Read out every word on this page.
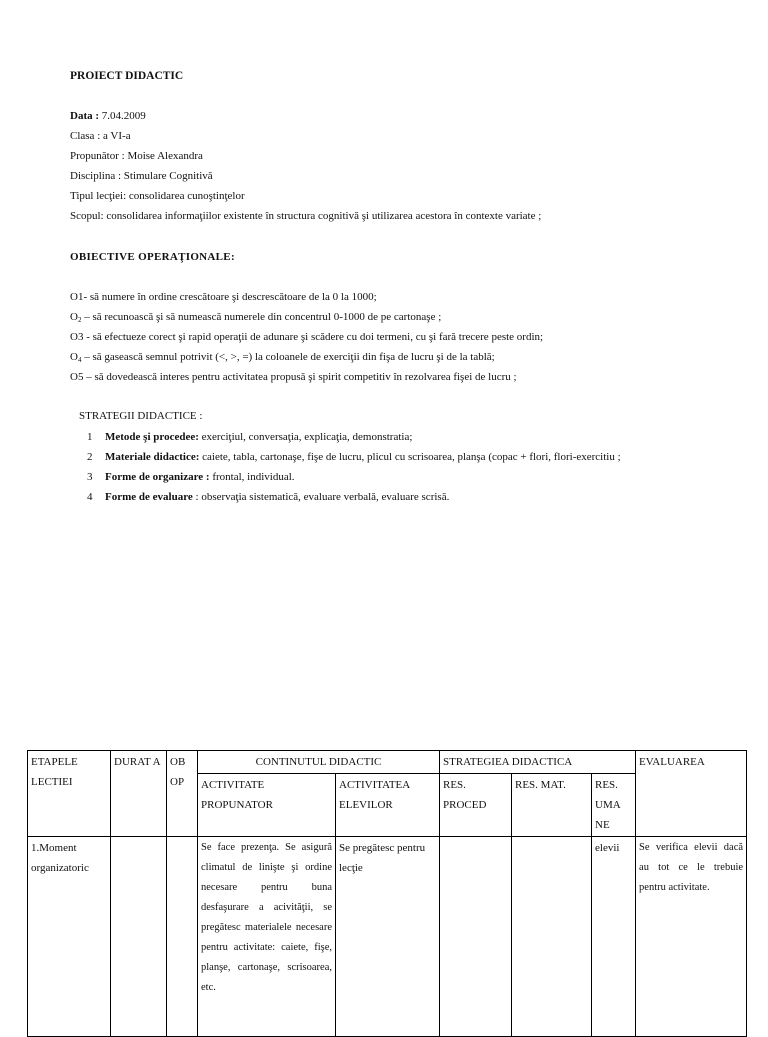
PROIECT DIDACTIC
Data : 7.04.2009
Clasa : a VI-a
Propunător : Moise Alexandra
Disciplina : Stimulare Cognitivă
Tipul lecţiei: consolidarea cunoştinţelor
Scopul: consolidarea informaţiilor existente în structura cognitivă şi utilizarea acestora în contexte variate ;
OBIECTIVE OPERAŢIONALE:
O1- să numere în ordine crescătoare şi descrescătoare de la 0 la 1000;
$O_2$ – să recunoască şi să numească numerele din concentrul 0-1000 de pe cartonaşe ;
O3 - să efectueze corect şi rapid operaţii de adunare şi scădere cu doi termeni, cu şi fară trecere peste ordin;
$O_4$ – să gasească semnul potrivit (<, >, =) la coloanele de exerciţii din fişa de lucru şi de la tablă;
O5 – să dovedească interes pentru activitatea propusă şi spirit competitiv în rezolvarea fişei de lucru ;
STRATEGII DIDACTICE :
1 Metode şi procedee: exerciţiul, conversaţia, explicaţia, demonstratia;
2 Materiale didactice: caiete, tabla, cartonaşe, fişe de lucru, plicul cu scrisoarea, planşa (copac + flori, flori-exercitiu ;
3 Forme de organizare : frontal, individual.
4 Forme de evaluare : observaţia sistematică, evaluare verbală, evaluare scrisă.
ETAPELE LECTIEI	DURAT A	OB OP	CONTINUTUL DIDACTIC		STRATEGIEA DIDACTICA			EVALUAREA
			ACTIVITATE PROPUNATOR	ACTIVITATEA ELEVILOR	RES. PROCED	RES. MAT.	RES. UMA NE	
1.Moment organizatoric			Se face prezenţa. Se asigură climatul de linişte şi ordine necesare pentru buna desfaşurare a acivităţii, se pregătesc materialele necesare pentru activitate: caiete, fişe, planşe, cartonaşe, scrisoarea, etc.	Se pregătesc pentru lecţie			elevii	Se verifica elevii dacă au tot ce le trebuie pentru activitate.
